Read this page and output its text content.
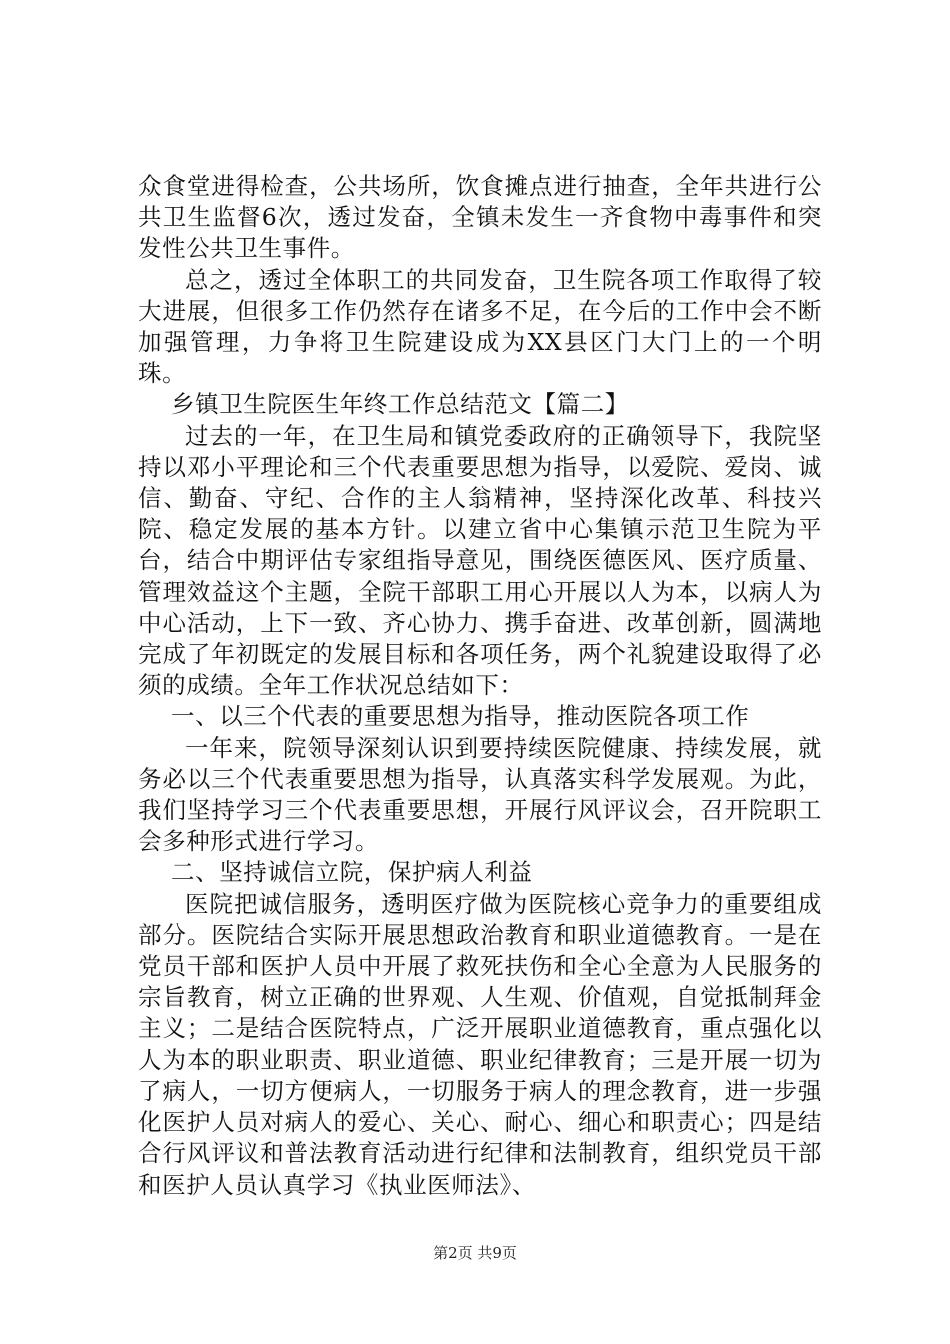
众食堂进得检查，公共场所，饮食摊点进行抽查，全年共进行公共卫生监督6次，透过发奋，全镇未发生一齐食物中毒事件和突发性公共卫生事件。

总之，透过全体职工的共同发奋，卫生院各项工作取得了较大进展，但很多工作仍然存在诸多不足，在今后的工作中会不断加强管理，力争将卫生院建设成为XX县区门大门上的一个明珠。

乡镇卫生院医生年终工作总结范文【篇二】

过去的一年，在卫生局和镇党委政府的正确领导下，我院坚持以邓小平理论和三个代表重要思想为指导，以爱院、爱岗、诚信、勤奋、守纪、合作的主人翁精神，坚持深化改革、科技兴院、稳定发展的基本方针。以建立省中心集镇示范卫生院为平台，结合中期评估专家组指导意见，围绕医德医风、医疗质量、管理效益这个主题，全院干部职工用心开展以人为本，以病人为中心活动，上下一致、齐心协力、携手奋进、改革创新，圆满地完成了年初既定的发展目标和各项任务，两个礼貌建设取得了必须的成绩。全年工作状况总结如下：

一、以三个代表的重要思想为指导，推动医院各项工作

一年来，院领导深刻认识到要持续医院健康、持续发展，就务必以三个代表重要思想为指导，认真落实科学发展观。为此，我们坚持学习三个代表重要思想，开展行风评议会，召开院职工会多种形式进行学习。

二、坚持诚信立院，保护病人利益

医院把诚信服务，透明医疗做为医院核心竞争力的重要组成部分。医院结合实际开展思想政治教育和职业道德教育。一是在党员干部和医护人员中开展了救死扶伤和全心全意为人民服务的宗旨教育，树立正确的世界观、人生观、价值观，自觉抵制拜金主义；二是结合医院特点，广泛开展职业道德教育，重点强化以人为本的职业职责、职业道德、职业纪律教育；三是开展一切为了病人，一切方便病人，一切服务于病人的理念教育，进一步强化医护人员对病人的爱心、关心、耐心、细心和职责心；四是结合行风评议和普法教育活动进行纪律和法制教育，组织党员干部和医护人员认真学习《执业医师法》、

第2页 共9页
